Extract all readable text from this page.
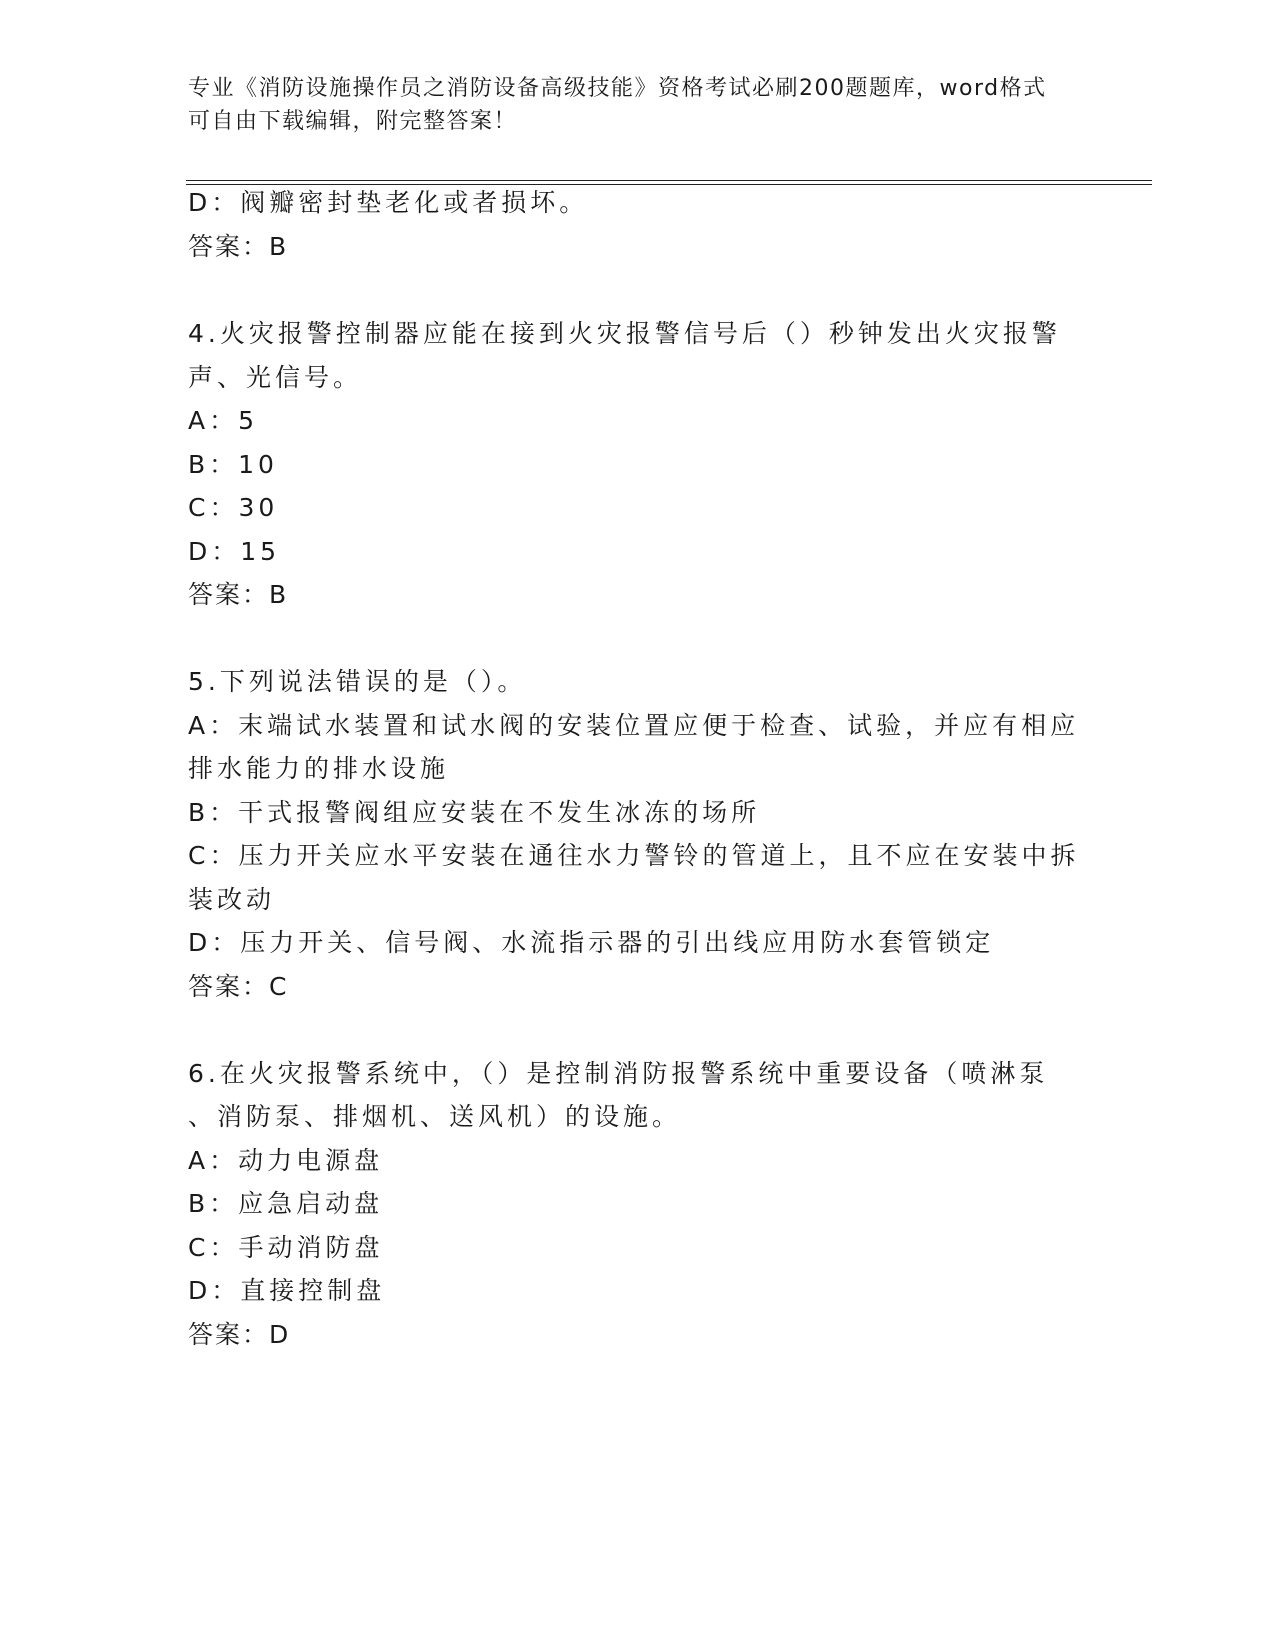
专业《消防设施操作员之消防设备高级技能》资格考试必刷200题题库，word格式可自由下载编辑，附完整答案！
D：阀瓣密封垫老化或者损坏。
答案：B
4.火灾报警控制器应能在接到火灾报警信号后（）秒钟发出火灾报警
声、光信号。
A：5
B：10
C：30
D：15
答案：B
5.下列说法错误的是（）。
A：末端试水装置和试水阀的安装位置应便于检查、试验，并应有相应
排水能力的排水设施
B：干式报警阀组应安装在不发生冰冻的场所
C：压力开关应水平安装在通往水力警铃的管道上，且不应在安装中拆
装改动
D：压力开关、信号阀、水流指示器的引出线应用防水套管锁定
答案：C
6.在火灾报警系统中，（）是控制消防报警系统中重要设备（喷淋泵
、消防泵、排烟机、送风机）的设施。
A：动力电源盘
B：应急启动盘
C：手动消防盘
D：直接控制盘
答案：D
